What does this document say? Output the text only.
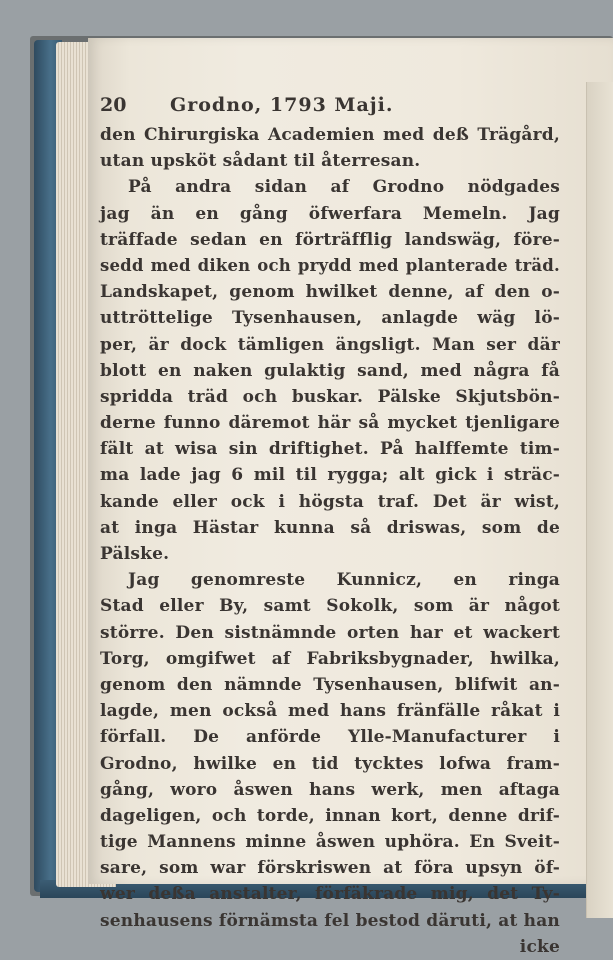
20 Grodno, 1793 Maji.
den Chirurgiska Academien med deß Trägård,
utan upsköt sådant til återresan.
På andra sidan af Grodno nödgades
jag än en gång öfwerfara Memeln. Jag
träffade sedan en förträfflig landswäg, före-
sedd med diken och prydd med planterade träd.
Landskapet, genom hwilket denne, af den o-
uttröttelige Tysenhausen, anlagde wäg lö-
per, är dock tämligen ängsligt. Man ser där
blott en naken gulaktig sand, med några få
spridda träd och buskar. Pälske Skjutsbön-
derne funno däremot här så mycket tjenligare
fält at wisa sin driftighet. På halffemte tim-
ma lade jag 6 mil til rygga; alt gick i sträc-
kande eller ock i högsta traf. Det är wist,
at inga Hästar kunna så driswas, som de
Pälske.
Jag genomreste Kunnicz, en ringa
Stad eller By, samt Sokolk, som är något
större. Den sistnämnde orten har et wackert
Torg, omgifwet af Fabriksbygnader, hwilka,
genom den nämnde Tysenhausen, blifwit an-
lagde, men också med hans fränfälle råkat i
förfall. De anförde Ylle-Manufacturer i
Grodno, hwilke en tid tycktes lofwa fram-
gång, woro åswen hans werk, men aftaga
dageligen, och torde, innan kort, denne drif-
tige Mannens minne åswen uphöra. En Sveit-
sare, som war förskriswen at föra upsyn öf-
wer deßa anstalter, förfäkrade mig, det Ty-
senhausens förnämsta fel bestod däruti, at han
icke
